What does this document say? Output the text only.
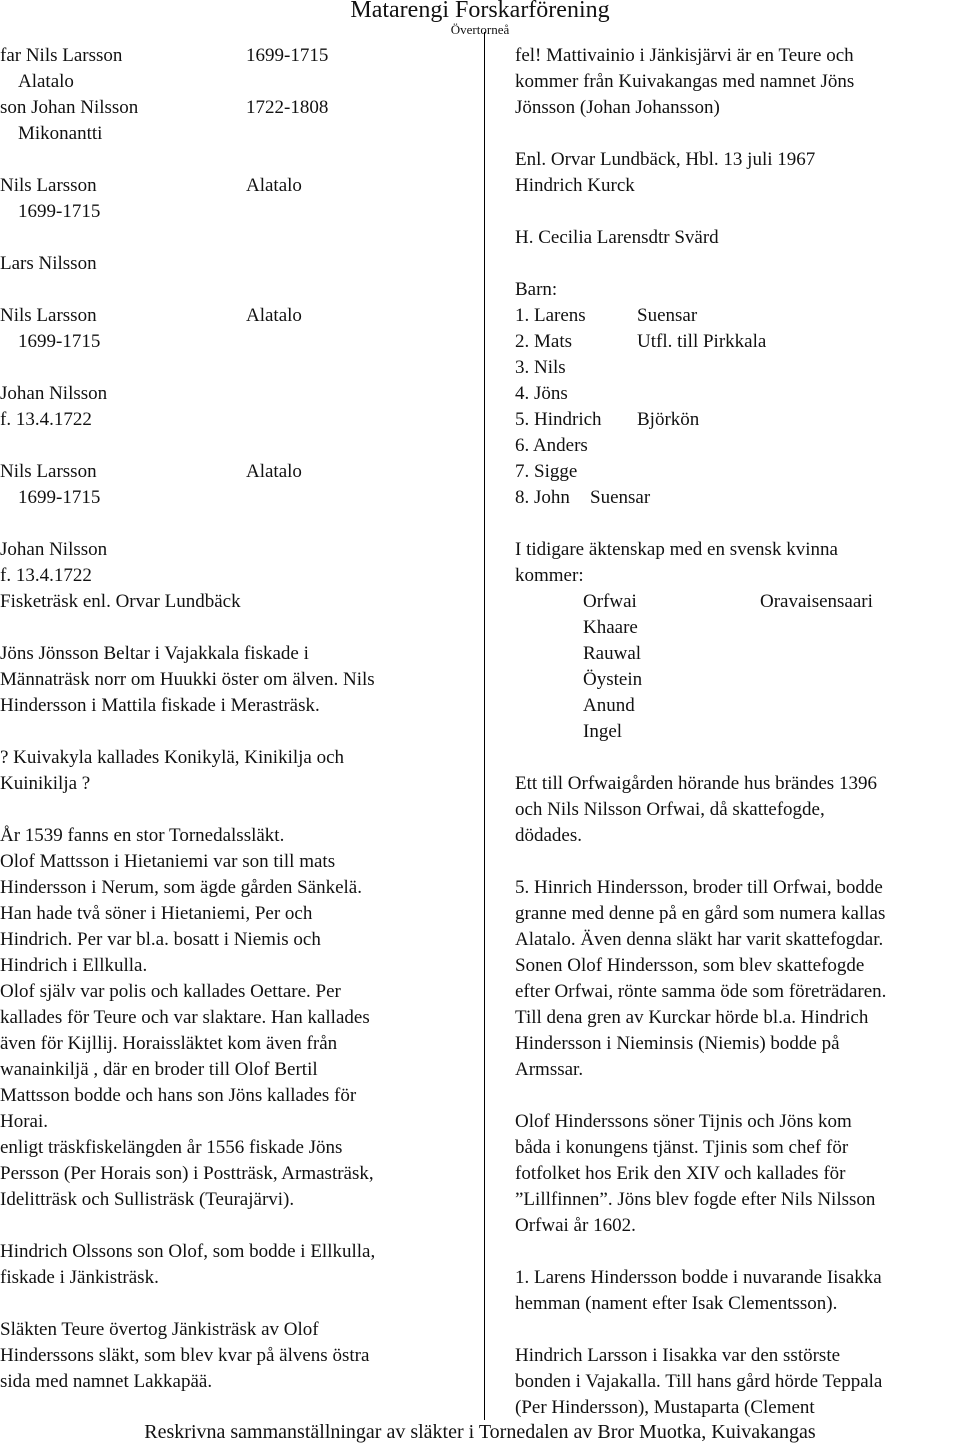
Matarengi Forskarförening
Övertorneå
far Nils Larsson	1699-1715
Alatalo
son Johan Nilsson	1722-1808
Mikonantti
Nils Larsson	Alatalo
1699-1715
Lars Nilsson
Nils Larsson	Alatalo
1699-1715
Johan Nilsson
f. 13.4.1722
Nils Larsson	Alatalo
1699-1715
Johan Nilsson
f. 13.4.1722
Fisketräsk enl. Orvar Lundbäck
Jöns Jönsson Beltar i Vajakkala fiskade i
Männaträsk norr om Huukki öster om älven. Nils
Hindersson i Mattila fiskade i Merasträsk.
? Kuivakyla kallades Konikylä, Kinikilja och
Kuinikilja ?
År 1539 fanns en stor Tornedalssläkt.
Olof Mattsson i Hietaniemi var son till mats
Hindersson i Nerum, som ägde gården Sänkelä.
Han hade två söner i Hietaniemi, Per och
Hindrich. Per var bl.a. bosatt i Niemis och
Hindrich i Ellkulla.
Olof själv var polis och kallades Oettare. Per
kallades för Teure och var slaktare. Han kallades
även för Kijllij. Horaissläktet kom även från
wanainkiljä , där en broder till Olof Bertil
Mattsson bodde och hans son Jöns kallades för
Horai.
enligt träskfiskelängden år 1556 fiskade Jöns
Persson (Per Horais son) i Postträsk, Armasträsk,
Idelitträsk och Sullisträsk (Teurajärvi).
Hindrich Olssons son Olof, som bodde i Ellkulla,
fiskade i Jänkisträsk.
Släkten Teure övertog Jänkisträsk av Olof
Hinderssons släkt, som blev kvar på älvens östra
sida med namnet Lakkapää.
fel! Mattivainio i Jänkisjärvi är en Teure och
kommer från Kuivakangas med namnet Jöns
Jönsson (Johan Johansson)
Enl. Orvar Lundbäck, Hbl. 13 juli 1967
Hindrich Kurck
H. Cecilia Larensdtr Svärd
Barn:
1. Larens	Suensar
2. Mats	Utfl. till Pirkkala
3. Nils
4. Jöns
5. Hindrich Björkön
6. Anders
7. Sigge
8. John Suensar
I tidigare äktenskap med en svensk kvinna
kommer:
Orfwai	Oravaisensaari
Khaare
Rauwal
Öystein
Anund
Ingel
Ett till Orfwaigården hörande hus brändes 1396
och Nils Nilsson Orfwai, då skattefogde,
dödades.
5. Hinrich Hindersson, broder till Orfwai, bodde
granne med denne på en gård som numera kallas
Alatalo. Även denna släkt har varit skattefogdar.
Sonen Olof Hindersson, som blev skattefogde
efter Orfwai, rönte samma öde som företrädaren.
Till dena gren av Kurckar hörde bl.a. Hindrich
Hindersson i Nieminsis (Niemis) bodde på
Armssar.
Olof Hinderssons söner Tijnis och Jöns kom
båda i konungens tjänst. Tjinis som chef för
fotfolket hos Erik den XIV och kallades för
”Lillfinnen”. Jöns blev fogde efter Nils Nilsson
Orfwai år 1602.
1. Larens Hindersson bodde i nuvarande Iisakka
hemman (nament efter Isak Clementsson).
Hindrich Larsson i Iisakka var den sstörste
bonden i Vajakalla. Till hans gård hörde Teppala
(Per Hindersson), Mustaparta (Clement
Reskrivna sammanställningar av släkter i Tornedalen av Bror Muotka, Kuivakangas
